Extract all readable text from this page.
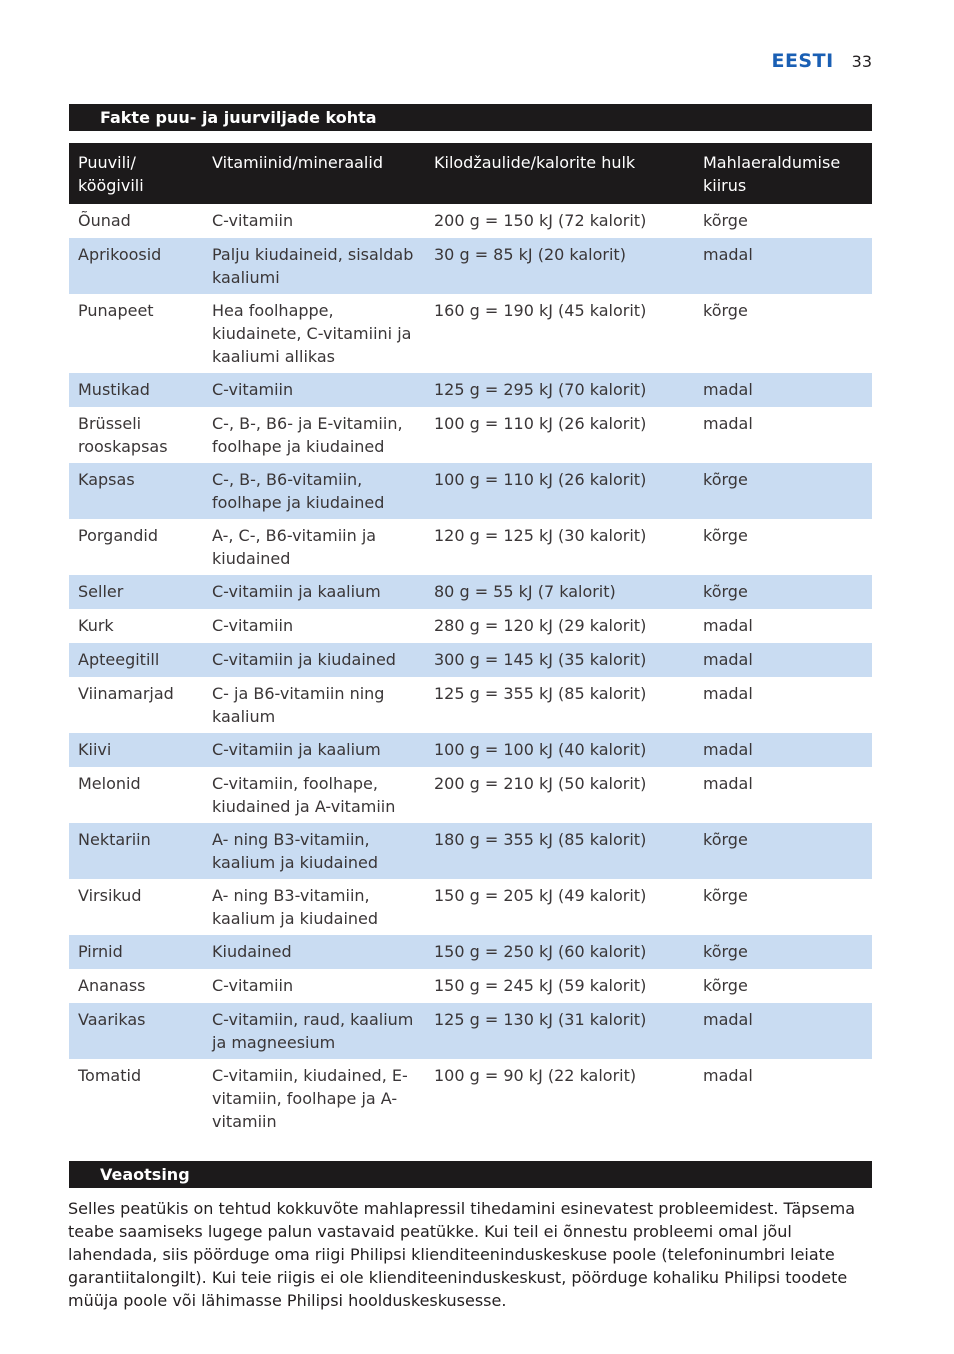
EESTI 33
Fakte puu- ja juurviljade kohta
Puuvili/ köögivili	Vitamiinid/mineraalid	Kilodžaulide/kalorite hulk	Mahlaeraldumise kiirus
Õunad	C-vitamiin	200 g = 150 kJ (72 kalorit)	kõrge
Aprikoosid	Palju kiudaineid, sisaldab kaaliumi	30 g = 85 kJ (20 kalorit)	madal
Punapeet	Hea foolhappe, kiudainete, C-vitamiini ja kaaliumi allikas	160 g = 190 kJ (45 kalorit)	kõrge
Mustikad	C-vitamiin	125 g = 295 kJ (70 kalorit)	madal
Brüsseli rooskapsas	C-, B-, B6- ja E-vitamiin, foolhape ja kiudained	100 g = 110 kJ (26 kalorit)	madal
Kapsas	C-, B-, B6-vitamiin, foolhape ja kiudained	100 g = 110 kJ (26 kalorit)	kõrge
Porgandid	A-, C-, B6-vitamiin ja kiudained	120 g = 125 kJ (30 kalorit)	kõrge
Seller	C-vitamiin ja kaalium	80 g = 55 kJ (7 kalorit)	kõrge
Kurk	C-vitamiin	280 g = 120 kJ (29 kalorit)	madal
Apteegitill	C-vitamiin ja kiudained	300 g = 145 kJ (35 kalorit)	madal
Viinamarjad	C- ja B6-vitamiin ning kaalium	125 g = 355 kJ (85 kalorit)	madal
Kiivi	C-vitamiin ja kaalium	100 g = 100 kJ (40 kalorit)	madal
Melonid	C-vitamiin, foolhape, kiudained ja A-vitamiin	200 g = 210 kJ (50 kalorit)	madal
Nektariin	A- ning B3-vitamiin, kaalium ja kiudained	180 g = 355 kJ (85 kalorit)	kõrge
Virsikud	A- ning B3-vitamiin, kaalium ja kiudained	150 g = 205 kJ (49 kalorit)	kõrge
Pirnid	Kiudained	150 g = 250 kJ (60 kalorit)	kõrge
Ananass	C-vitamiin	150 g = 245 kJ (59 kalorit)	kõrge
Vaarikas	C-vitamiin, raud, kaalium ja magneesium	125 g = 130 kJ (31 kalorit)	madal
Tomatid	C-vitamiin, kiudained, E-vitamiin, foolhape ja A-vitamiin	100 g = 90 kJ (22 kalorit)	madal
Veaotsing

Selles peatükis on tehtud kokkuvõte mahlapressil tihedamini esinevatest probleemidest. Täpsema teabe saamiseks lugege palun vastavaid peatükke. Kui teil ei õnnestu probleemi omal jõul lahendada, siis pöörduge oma riigi Philipsi klienditeeninduskeskuse poole (telefoninumbri leiate garantiitalongilt). Kui teie riigis ei ole klienditeeninduskeskust, pöörduge kohaliku Philipsi toodete müüja poole või lähimasse Philipsi hoolduskeskusesse.
